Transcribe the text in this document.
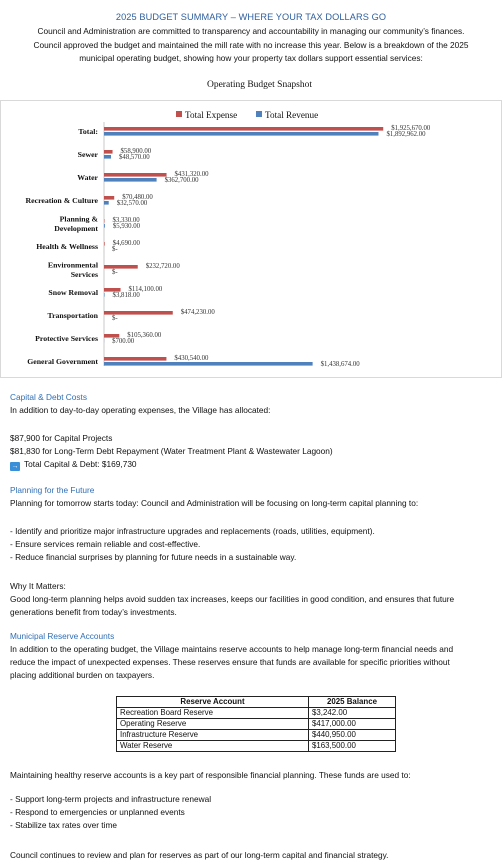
2025 BUDGET SUMMARY – WHERE YOUR TAX DOLLARS GO
Council and Administration are committed to transparency and accountability in managing our community’s finances.
Council approved the budget and maintained the mill rate with no increase this year. Below is a breakdown of the 2025
municipal operating budget, showing how your property tax dollars support essential services:
Operating Budget Snapshot
Total Expense	Total Revenue
Total:	$1,925,670.00
$1,892,962.00
Sewer	$58,900.00
$48,570.00
Water	$431,320.00
$362,700.00
Recreation & Culture	$70,480.00
$32,570.00
Planning &
Development
$3,330.00
$5,930.00
Health & Wellness $4,690.00
$-
Environmental
Services
$232,720.00
$-
Snow Removal	$114,100.00
$3,818.00
Transportation	$474,230.00
$-
Protective Services	$105,360.00
$700.00
General Government	$430,540.00
$1,438,674.00
Capital & Debt Costs
In addition to day-to-day operating expenses, the Village has allocated:
$87,900 for Capital Projects
$81,830 for Long-Term Debt Repayment (Water Treatment Plant & Wastewater Lagoon)
→ Total Capital & Debt: $169,730
Planning for the Future
Planning for tomorrow starts today: Council and Administration will be focusing on long-term capital planning to:
- Identify and prioritize major infrastructure upgrades and replacements (roads, utilities, equipment).
- Ensure services remain reliable and cost-effective.
- Reduce financial surprises by planning for future needs in a sustainable way.
Why It Matters:
Good long-term planning helps avoid sudden tax increases, keeps our facilities in good condition, and ensures that future
generations benefit from today’s investments.
Municipal Reserve Accounts
In addition to the operating budget, the Village maintains reserve accounts to help manage long-term financial needs and
reduce the impact of unexpected expenses. These reserves ensure that funds are available for specific priorities without
placing additional burden on taxpayers.
Reserve Account	2025 Balance
Recreation Board Reserve	$3,242.00
Operating Reserve	$417,000.00
Infrastructure Reserve	$440,950.00
Water Reserve	$163,500.00
Maintaining healthy reserve accounts is a key part of responsible financial planning. These funds are used to:
- Support long-term projects and infrastructure renewal
- Respond to emergencies or unplanned events
- Stabilize tax rates over time
Council continues to review and plan for reserves as part of our long-term capital and financial strategy.
